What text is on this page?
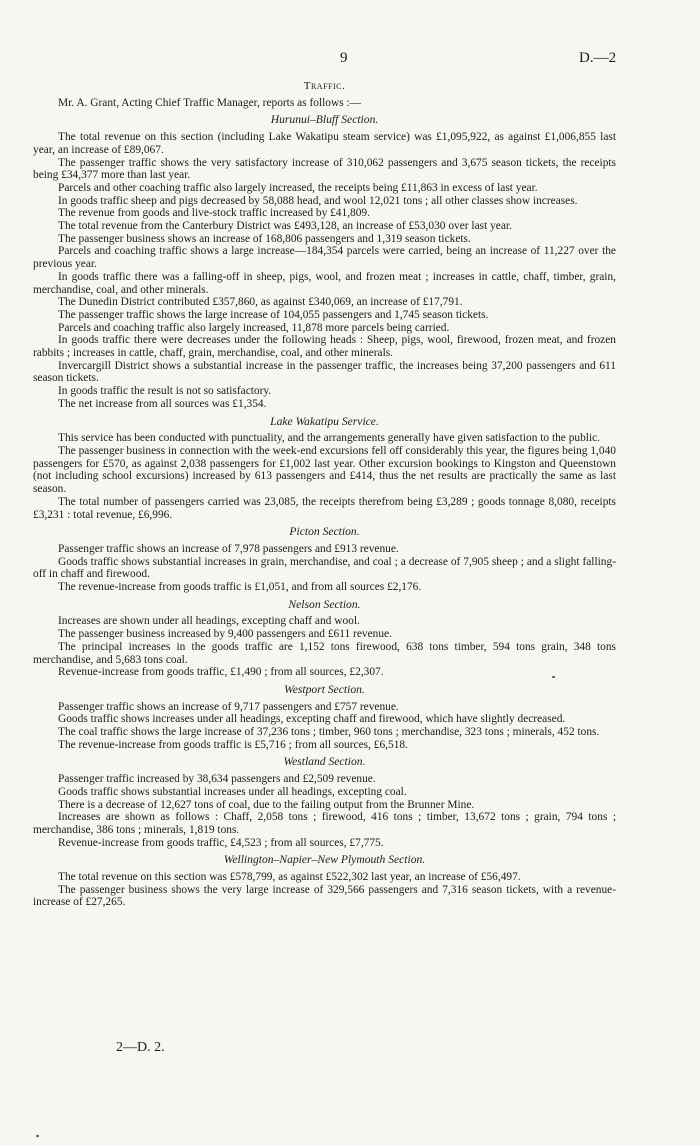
9	D.—2
Traffic.

Mr. A. Grant, Acting Chief Traffic Manager, reports as follows :—

Hurunui–Bluff Section.

The total revenue on this section (including Lake Wakatipu steam service) was £1,095,922, as against £1,006,855 last year, an increase of £89,067.

The passenger traffic shows the very satisfactory increase of 310,062 passengers and 3,675 season tickets, the receipts being £34,377 more than last year.

Parcels and other coaching traffic also largely increased, the receipts being £11,863 in excess of last year.

In goods traffic sheep and pigs decreased by 58,088 head, and wool 12,021 tons ; all other classes show increases.

The revenue from goods and live-stock traffic increased by £41,809.

The total revenue from the Canterbury District was £493,128, an increase of £53,030 over last year.

The passenger business shows an increase of 168,806 passengers and 1,319 season tickets.

Parcels and coaching traffic shows a large increase—184,354 parcels were carried, being an increase of 11,227 over the previous year.

In goods traffic there was a falling-off in sheep, pigs, wool, and frozen meat ; increases in cattle, chaff, timber, grain, merchandise, coal, and other minerals.

The Dunedin District contributed £357,860, as against £340,069, an increase of £17,791.

The passenger traffic shows the large increase of 104,055 passengers and 1,745 season tickets.

Parcels and coaching traffic also largely increased, 11,878 more parcels being carried.

In goods traffic there were decreases under the following heads : Sheep, pigs, wool, firewood, frozen meat, and frozen rabbits ; increases in cattle, chaff, grain, merchandise, coal, and other minerals.

Invercargill District shows a substantial increase in the passenger traffic, the increases being 37,200 passengers and 611 season tickets.

In goods traffic the result is not so satisfactory.

The net increase from all sources was £1,354.

Lake Wakatipu Service.

This service has been conducted with punctuality, and the arrangements generally have given satisfaction to the public.

The passenger business in connection with the week-end excursions fell off considerably this year, the figures being 1,040 passengers for £570, as against 2,038 passengers for £1,002 last year. Other excursion bookings to Kingston and Queenstown (not including school excursions) increased by 613 passengers and £414, thus the net results are practically the same as last season.

The total number of passengers carried was 23,085, the receipts therefrom being £3,289 ; goods tonnage 8,080, receipts £3,231 : total revenue, £6,996.

Picton Section.

Passenger traffic shows an increase of 7,978 passengers and £913 revenue.

Goods traffic shows substantial increases in grain, merchandise, and coal ; a decrease of 7,905 sheep ; and a slight falling-off in chaff and firewood.

The revenue-increase from goods traffic is £1,051, and from all sources £2,176.

Nelson Section.

Increases are shown under all headings, excepting chaff and wool.

The passenger business increased by 9,400 passengers and £611 revenue.

The principal increases in the goods traffic are 1,152 tons firewood, 638 tons timber, 594 tons grain, 348 tons merchandise, and 5,683 tons coal.

Revenue-increase from goods traffic, £1,490 ; from all sources, £2,307.

Westport Section.

Passenger traffic shows an increase of 9,717 passengers and £757 revenue.

Goods traffic shows increases under all headings, excepting chaff and firewood, which have slightly decreased.

The coal traffic shows the large increase of 37,236 tons ; timber, 960 tons ; merchandise, 323 tons ; minerals, 452 tons.

The revenue-increase from goods traffic is £5,716 ; from all sources, £6,518.

Westland Section.

Passenger traffic increased by 38,634 passengers and £2,509 revenue.

Goods traffic shows substantial increases under all headings, excepting coal.

There is a decrease of 12,627 tons of coal, due to the failing output from the Brunner Mine.

Increases are shown as follows : Chaff, 2,058 tons ; firewood, 416 tons ; timber, 13,672 tons ; grain, 794 tons ; merchandise, 386 tons ; minerals, 1,819 tons.

Revenue-increase from goods traffic, £4,523 ; from all sources, £7,775.

Wellington–Napier–New Plymouth Section.

The total revenue on this section was £578,799, as against £522,302 last year, an increase of £56,497.

The passenger business shows the very large increase of 329,566 passengers and 7,316 season tickets, with a revenue-increase of £27,265.

2—D. 2.
